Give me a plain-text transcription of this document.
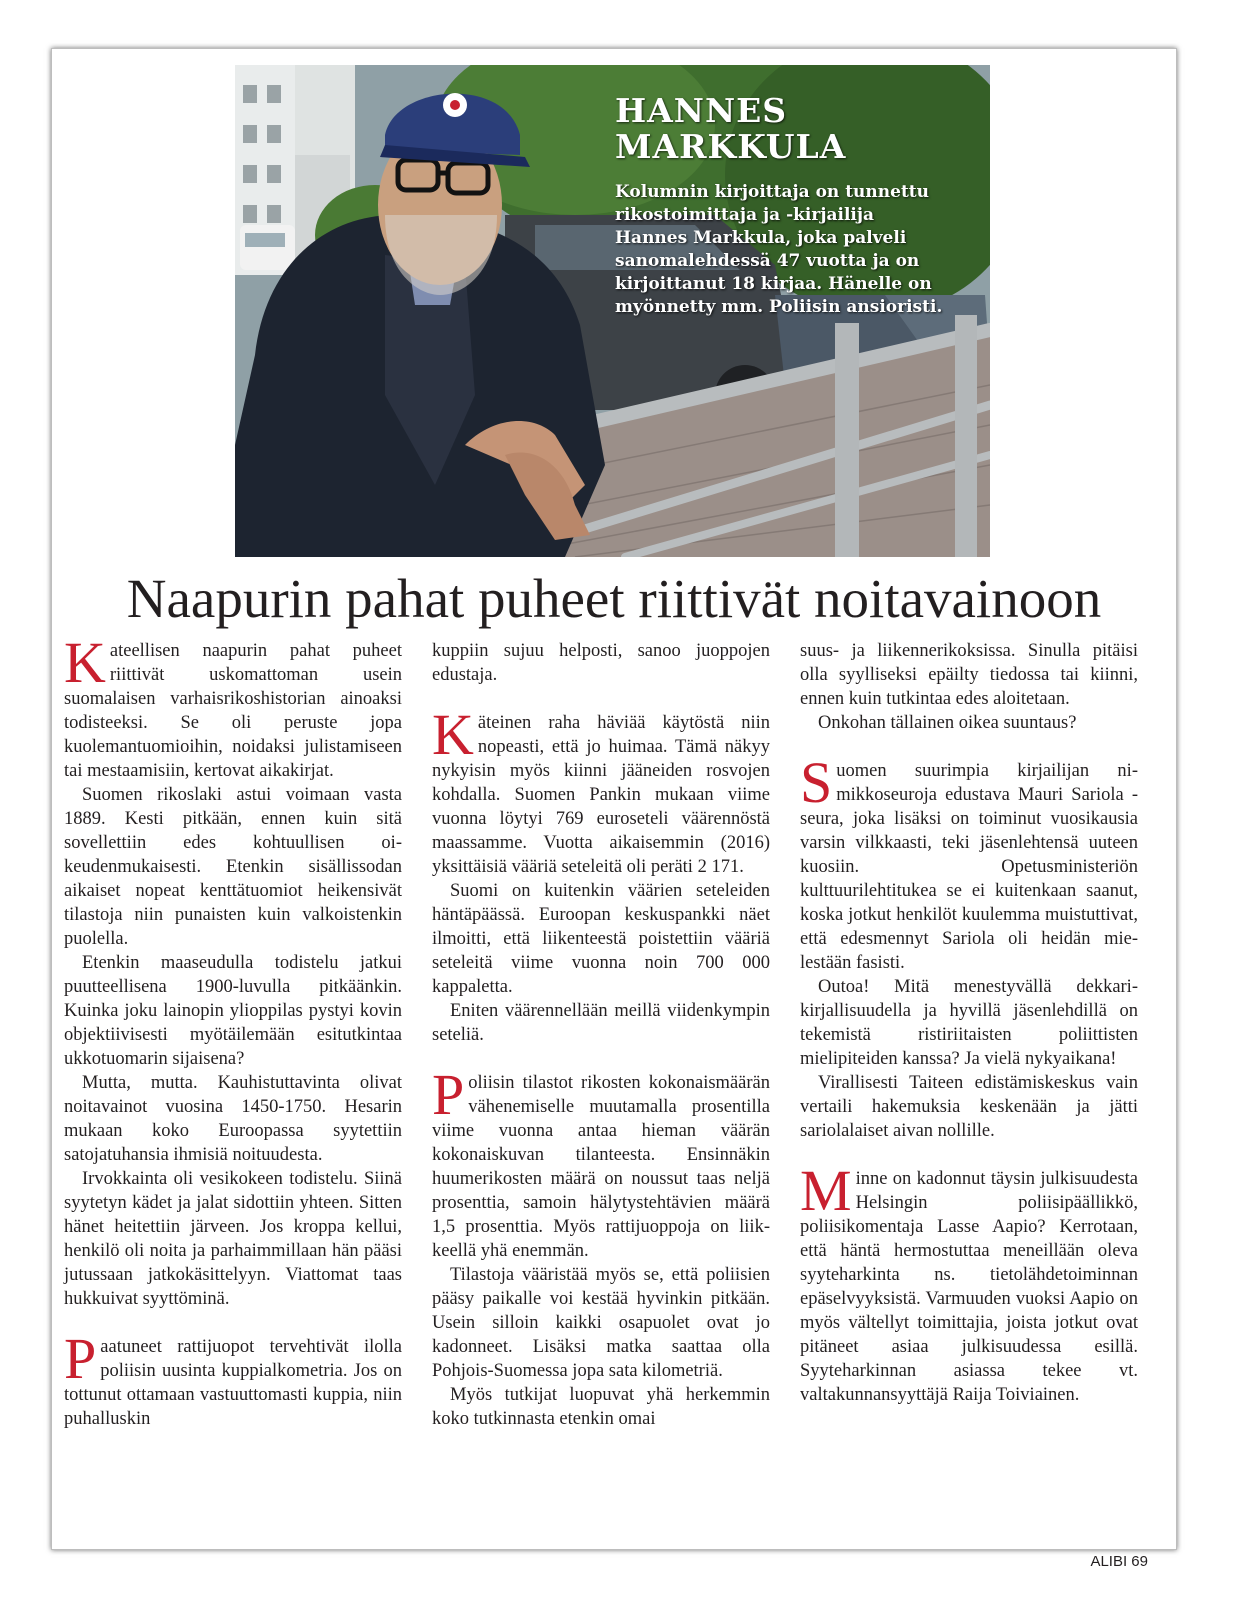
HANNES
MARKKULA

Kolumnin kirjoittaja on tunnettu rikostoimittaja ja -kirjailija Hannes Markkula, joka palveli sanomalehdessä 47 vuotta ja on kirjoittanut 18 kirjaa. Hänelle on myönnetty mm. Poliisin ansioristi.

Naapurin pahat puheet riittivät noitavainoon

Kateellisen naapurin pahat puheet riittivät uskomattoman usein suomalaisen varhaisrikoshistorian ainoaksi todisteeksi. Se oli peruste jopa kuolemantuomioihin, noidaksi julistamiseen tai mestaamisiin, kertovat aikakirjat.

Suomen rikoslaki astui voimaan vasta 1889. Kesti pitkään, ennen kuin sitä sovellettiin edes kohtuullisen oikeudenmukaisesti. Etenkin sisällissodan aikaiset nopeat kenttätuomiot heikensivät tilastoja niin punaisten kuin valkoistenkin puolella.

Etenkin maaseudulla todistelu jatkui puutteellisena 1900-luvulla pitkäänkin. Kuinka joku lainopin ylioppilas pystyi kovin objektiivisesti myötäilemään esitutkintaa ukkotuomarin sijaisena?

Mutta, mutta. Kauhistuttavinta olivat noitavainot vuosina 1450-1750. Hesarin mukaan koko Euroopassa syytettiin satojatuhansia ihmisiä noituudesta.

Irvokkainta oli vesikokeen todistelu. Siinä syytetyn kädet ja jalat sidottiin yhteen. Sitten hänet heitettiin järveen. Jos kroppa kellui, henkilö oli noita ja parhaimmillaan hän pääsi jutussaan jatkokäsittelyyn. Viattomat taas hukkuivat syyttöminä.

Paatuneet rattijuopot tervehtivät ilolla poliisin uusinta kuppialkometria. Jos on tottunut ottamaan vastuuttomasti kuppia, niin puhalluskin

kuppiin sujuu helposti, sanoo juoppojen edustaja.

Käteinen raha häviää käytöstä niin nopeasti, että jo huimaa. Tämä näkyy nykyisin myös kiinni jääneiden rosvojen kohdalla. Suomen Pankin mukaan viime vuonna löytyi 769 euroseteli väärennöstä maassamme. Vuotta aikaisemmin (2016) yksittäisiä vääriä seteleitä oli peräti 2 171.

Suomi on kuitenkin väärien seteleiden häntäpäässä. Euroopan keskuspankki näet ilmoitti, että liikenteestä poistettiin vääriä seteleitä viime vuonna noin 700 000 kappaletta.

Eniten väärennellään meillä viidenkympin seteliä.

Poliisin tilastot rikosten kokonaismäärän vähenemiselle muutamalla prosentilla viime vuonna antaa hieman väärän kokonaiskuvan tilanteesta. Ensinnäkin huumerikosten määrä on noussut taas neljä prosenttia, samoin hälytystehtävien määrä 1,5 prosenttia. Myös rattijuoppoja on liikkeellä yhä enemmän.

Tilastoja vääristää myös se, että poliisien pääsy paikalle voi kestää hyvinkin pitkään. Usein silloin kaikki osapuolet ovat jo kadonneet. Lisäksi matka saattaa olla Pohjois-Suomessa jopa sata kilometriä.

Myös tutkijat luopuvat yhä herkemmin koko tutkinnasta etenkin omai

suus- ja liikennerikoksissa. Sinulla pitäisi olla syylliseksi epäilty tiedossa tai kiinni, ennen kuin tutkintaa edes aloitetaan.

Onkohan tällainen oikea suuntaus?

Suomen suurimpia kirjailijan nimikkoseuroja edustava Mauri Sariola -seura, joka lisäksi on toiminut vuosikausia varsin vilkkaasti, teki jäsenlehtensä uuteen kuosiin. Opetusministeriön kulttuurilehtitukea se ei kuitenkaan saanut, koska jotkut henkilöt kuulemma muistuttivat, että edesmennyt Sariola oli heidän mielestään fasisti.

Outoa! Mitä menestyvällä dekkarikirjallisuudella ja hyvillä jäsenlehdillä on tekemistä ristiriitaisten poliittisten mielipiteiden kanssa? Ja vielä nykyaikana!

Virallisesti Taiteen edistämiskeskus vain vertaili hakemuksia keskenään ja jätti sariolalaiset aivan nollille.

Minne on kadonnut täysin julkisuudesta Helsingin poliisipäällikkö, poliisikomentaja Lasse Aapio? Kerrotaan, että häntä hermostuttaa meneillään oleva syyteharkinta ns. tietolähdetoiminnan epäselvyyksistä. Varmuuden vuoksi Aapio on myös vältellyt toimittajia, joista jotkut ovat pitäneet asiaa julkisuudessa esillä. Syyteharkinnan asiassa tekee vt. valtakunnansyyttäjä Raija Toiviainen.

ALIBI 69
